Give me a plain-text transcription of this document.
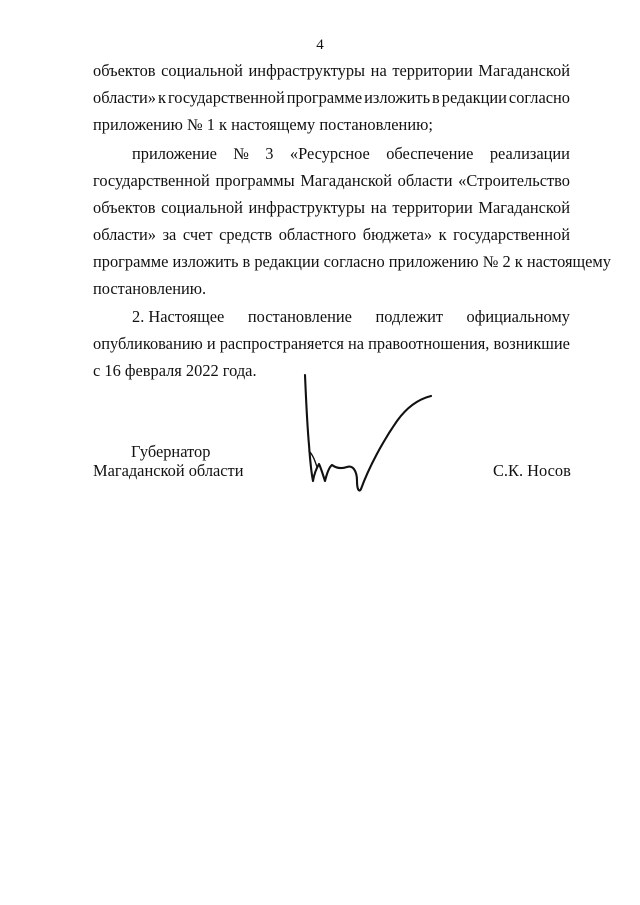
4
объектов социальной инфраструктуры на территории Магаданской
области» к государственной программе изложить в редакции согласно
приложению № 1 к настоящему постановлению;
приложение № 3 «Ресурсное обеспечение реализации
государственной программы Магаданской области «Строительство
объектов социальной инфраструктуры на территории Магаданской
области» за счет средств областного бюджета» к государственной
программе изложить в редакции согласно приложению № 2 к настоящему
постановлению.
2. Настоящее постановление подлежит официальному
опубликованию и распространяется на правоотношения, возникшие
с 16 февраля 2022 года.
Губернатор
Магаданской области	С.К. Носов
